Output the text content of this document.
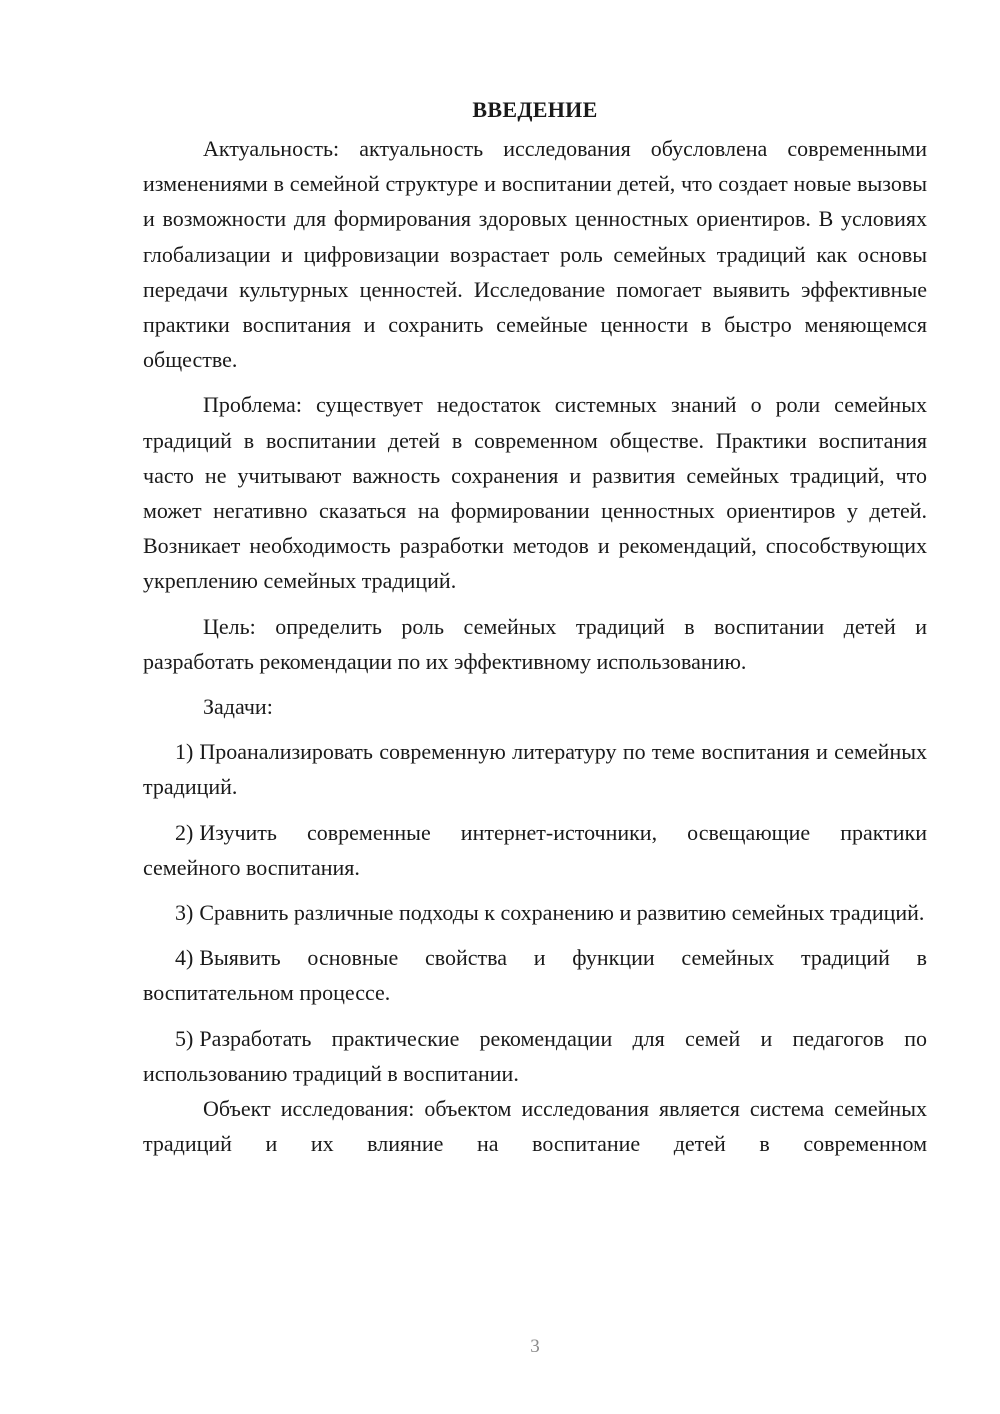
ВВЕДЕНИЕ

Актуальность: актуальность исследования обусловлена современными изменениями в семейной структуре и воспитании детей, что создает новые вызовы и возможности для формирования здоровых ценностных ориентиров. В условиях глобализации и цифровизации возрастает роль семейных традиций как основы передачи культурных ценностей. Исследование помогает выявить эффективные практики воспитания и сохранить семейные ценности в быстро меняющемся обществе.

Проблема: существует недостаток системных знаний о роли семейных традиций в воспитании детей в современном обществе. Практики воспитания часто не учитывают важность сохранения и развития семейных традиций, что может негативно сказаться на формировании ценностных ориентиров у детей. Возникает необходимость разработки методов и рекомендаций, способствующих укреплению семейных традиций.

Цель: определить роль семейных традиций в воспитании детей и разработать рекомендации по их эффективному использованию.

Задачи:

1) Проанализировать современную литературу по теме воспитания и семейных традиций.

2) Изучить современные интернет-источники, освещающие практики семейного воспитания.

3) Сравнить различные подходы к сохранению и развитию семейных традиций.

4) Выявить основные свойства и функции семейных традиций в воспитательном процессе.

5) Разработать практические рекомендации для семей и педагогов по использованию традиций в воспитании.

Объект исследования: объектом исследования является система семейных традиций и их влияние на воспитание детей в современном

3
